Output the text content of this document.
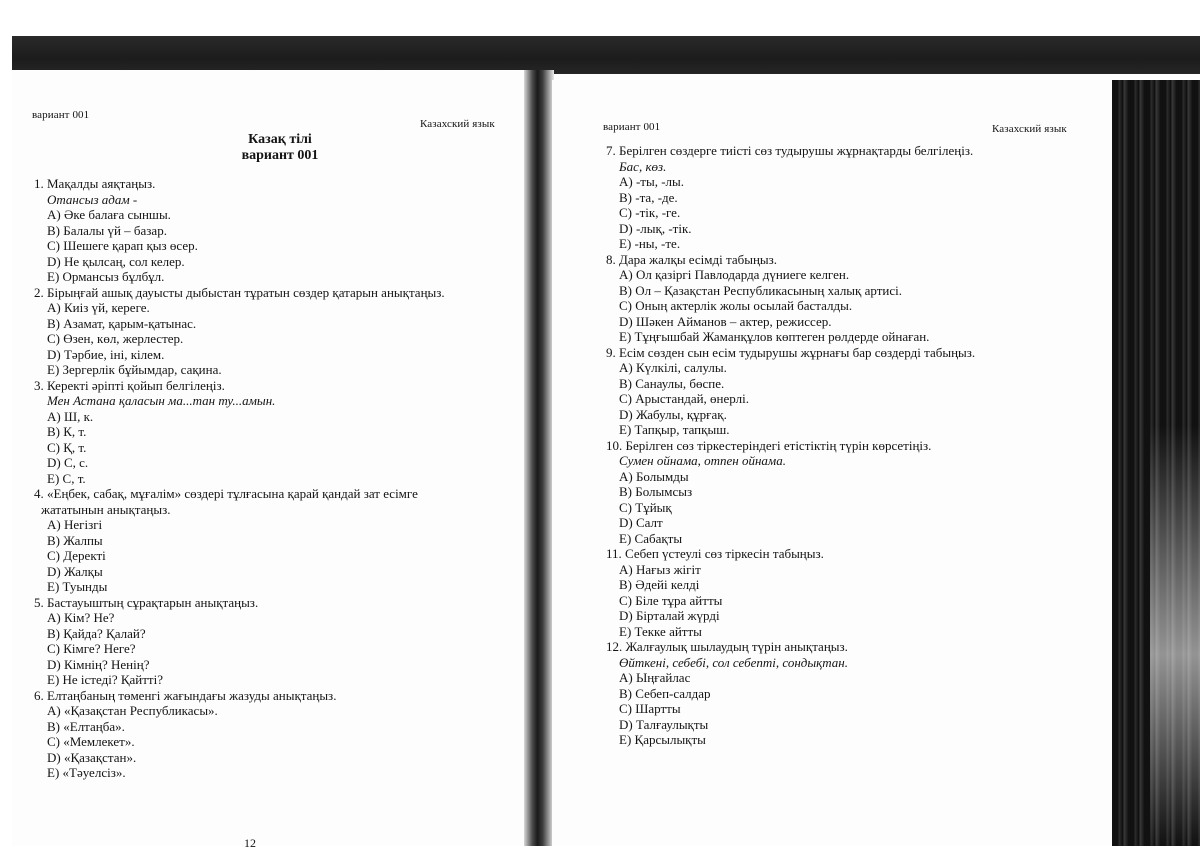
вариант 001
Казахский язык
Казақ тілі
вариант 001
1. Мақалды аяқтаңыз.
Отансыз адам -
A) Әке балаға сыншы.
B) Балалы үй – базар.
C) Шешеге қарап қыз өсер.
D) Не қылсаң, сол келер.
E) Ормансыз бұлбұл.
2. Бірыңғай ашық дауысты дыбыстан тұратын сөздер қатарын анықтаңыз.
A) Киіз үй, кереге.
B) Азамат, қарым-қатынас.
C) Өзен, көл, жерлестер.
D) Тәрбие, іні, кілем.
E) Зергерлік бұйымдар, сақина.
3. Керекті әріпті қойып белгілеңіз.
Мен Астана қаласын ма...тан ту...амын.
A) Ш, к.
B) К, т.
C) Қ, т.
D) С, с.
E) С, т.
4. «Еңбек, сабақ, мұғалім» сөздері тұлғасына қарай қандай зат есімге
жататынын анықтаңыз.
A) Негізгі
B) Жалпы
C) Деректі
D) Жалқы
E) Туынды
5. Бастауыштың сұрақтарын анықтаңыз.
A) Кім? Не?
B) Қайда? Қалай?
C) Кімге? Неге?
D) Кімнің? Ненің?
E) Не істеді? Қайтті?
6. Елтаңбаның төменгі жағындағы жазуды анықтаңыз.
A) «Қазақстан Республикасы».
B) «Елтаңба».
C) «Мемлекет».
D) «Қазақстан».
E) «Тәуелсіз».
12
вариант 001	Казахский язык
7. Берілген сөздерге тиісті сөз тудырушы жұрнақтарды белгілеңіз.
Бас, көз.
A) -ты, -лы.
B) -та, -де.
C) -тік, -ге.
D) -лық, -тік.
E) -ны, -те.
8. Дара жалқы есімді табыңыз.
A) Ол қазіргі Павлодарда дүниеге келген.
B) Ол – Қазақстан Республикасының халық артисі.
C) Оның актерлік жолы осылай басталды.
D) Шәкен Айманов – актер, режиссер.
E) Тұңғышбай Жаманқұлов көптеген рөлдерде ойнаған.
9. Есім сөзден сын есім тудырушы жұрнағы бар сөздерді табыңыз.
A) Күлкілі, салулы.
B) Санаулы, бөспе.
C) Арыстандай, өнерлі.
D) Жабулы, құрғақ.
E) Тапқыр, тапқыш.
10. Берілген сөз тіркестеріндегі етістіктің түрін көрсетіңіз.
Сумен ойнама, отпен ойнама.
A) Болымды
B) Болымсыз
C) Тұйық
D) Салт
E) Сабақты
11. Себеп үстеулі сөз тіркесін табыңыз.
A) Нағыз жігіт
B) Әдейі келді
C) Біле тұра айтты
D) Бірталай жүрді
E) Текке айтты
12. Жалғаулық шылаудың түрін анықтаңыз.
Өйткені, себебі, сол себепті, сондықтан.
A) Ыңғайлас
B) Себеп-салдар
C) Шартты
D) Талғаулықты
E) Қарсылықты
